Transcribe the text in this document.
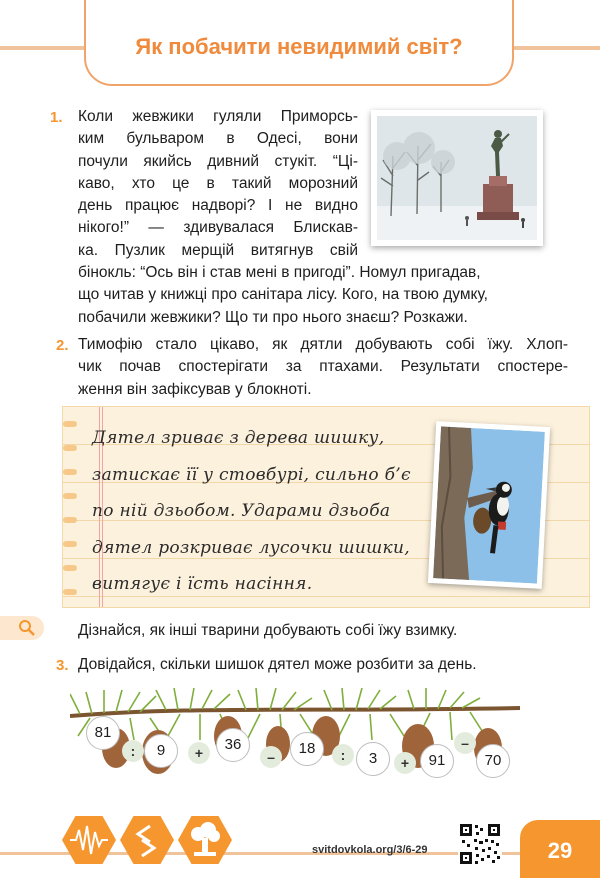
Як побачити невидимий світ?
1. Коли жевжики гуляли Приморсь-
ким бульваром в Одесі, вони
почули якийсь дивний стукіт. “Ці-
каво, хто це в такий морозний
день працює надворі? І не видно
нікого!” — здивувалася Блискав-
ка. Пузлик мерщій витягнув свій
бінокль: “Ось він і став мені в пригоді”. Номул пригадав,
що читав у книжці про санітара лісу. Кого, на твою думку,
побачили жевжики? Що ти про нього знаєш? Розкажи.
2. Тимофію стало цікаво, як дятли добувають собі їжу. Хлоп-
чик почав спостерігати за птахами. Результати спостере-
ження він зафіксував у блокноті.
Дятел зриває з дерева шишку,
затискає її у стовбурі, сильно б’є
по ній дзьобом. Ударами дзьоба
дятел розкриває лусочки шишки,
витягує і їсть насіння.
Дізнайся, як інші тварини добувають собі їжу взимку.
3. Довідайся, скільки шишок дятел може розбити за день.
81
:	9	+	36
–	18	:	3	+	91
–
70
svitdovkola.org/3/6-29	29
